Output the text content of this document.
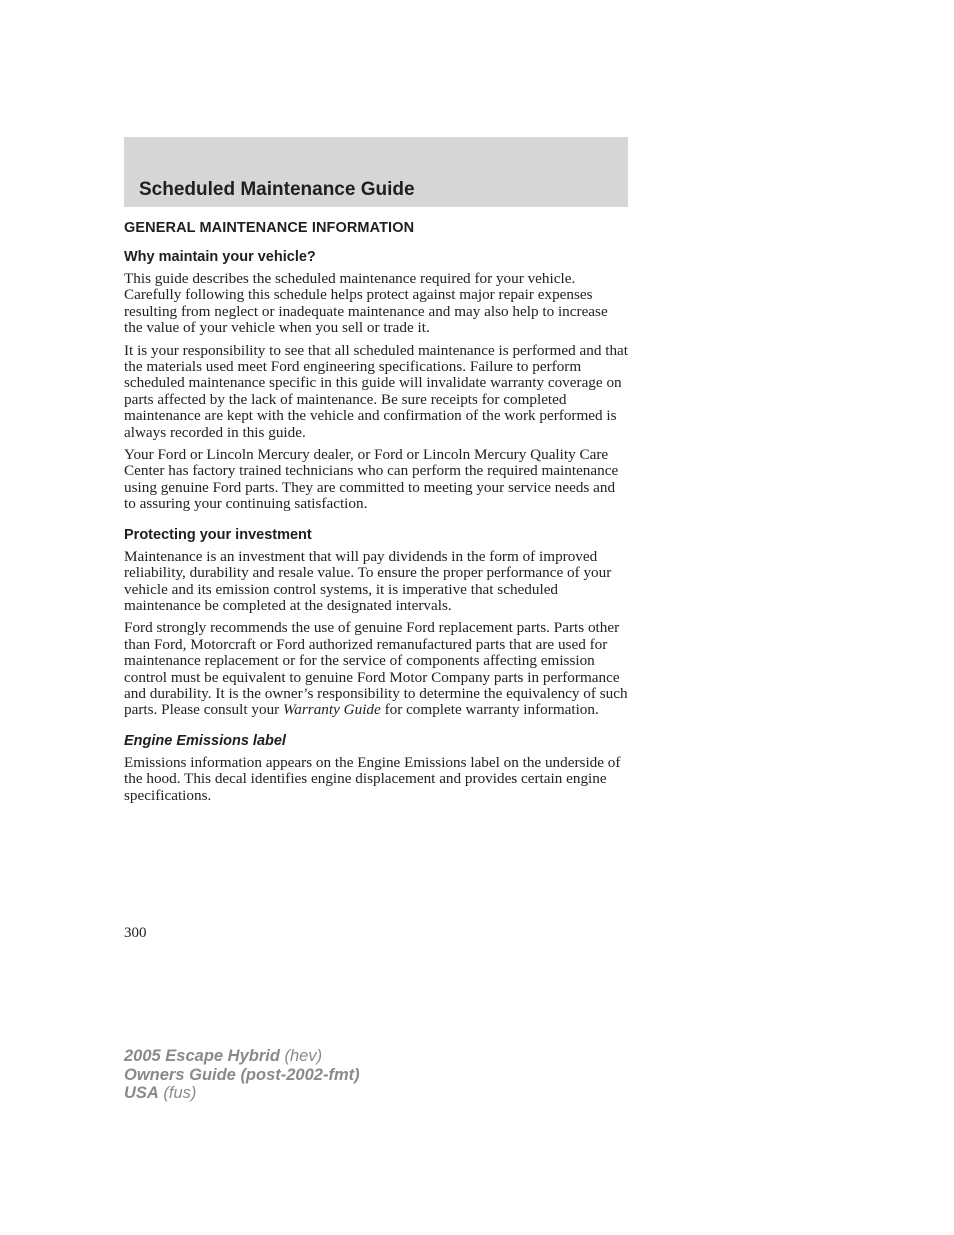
Scheduled Maintenance Guide
GENERAL MAINTENANCE INFORMATION
Why maintain your vehicle?

This guide describes the scheduled maintenance required for your vehicle. Carefully following this schedule helps protect against major repair expenses resulting from neglect or inadequate maintenance and may also help to increase the value of your vehicle when you sell or trade it.

It is your responsibility to see that all scheduled maintenance is performed and that the materials used meet Ford engineering specifications. Failure to perform scheduled maintenance specific in this guide will invalidate warranty coverage on parts affected by the lack of maintenance. Be sure receipts for completed maintenance are kept with the vehicle and confirmation of the work performed is always recorded in this guide.

Your Ford or Lincoln Mercury dealer, or Ford or Lincoln Mercury Quality Care Center has factory trained technicians who can perform the required maintenance using genuine Ford parts. They are committed to meeting your service needs and to assuring your continuing satisfaction.

Protecting your investment

Maintenance is an investment that will pay dividends in the form of improved reliability, durability and resale value. To ensure the proper performance of your vehicle and its emission control systems, it is imperative that scheduled maintenance be completed at the designated intervals.

Ford strongly recommends the use of genuine Ford replacement parts. Parts other than Ford, Motorcraft or Ford authorized remanufactured parts that are used for maintenance replacement or for the service of components affecting emission control must be equivalent to genuine Ford Motor Company parts in performance and durability. It is the owner’s responsibility to determine the equivalency of such parts. Please consult your Warranty Guide for complete warranty information.

Engine Emissions label

Emissions information appears on the Engine Emissions label on the underside of the hood. This decal identifies engine displacement and provides certain engine specifications.

300

2005 Escape Hybrid (hev)
Owners Guide (post-2002-fmt)
USA (fus)
